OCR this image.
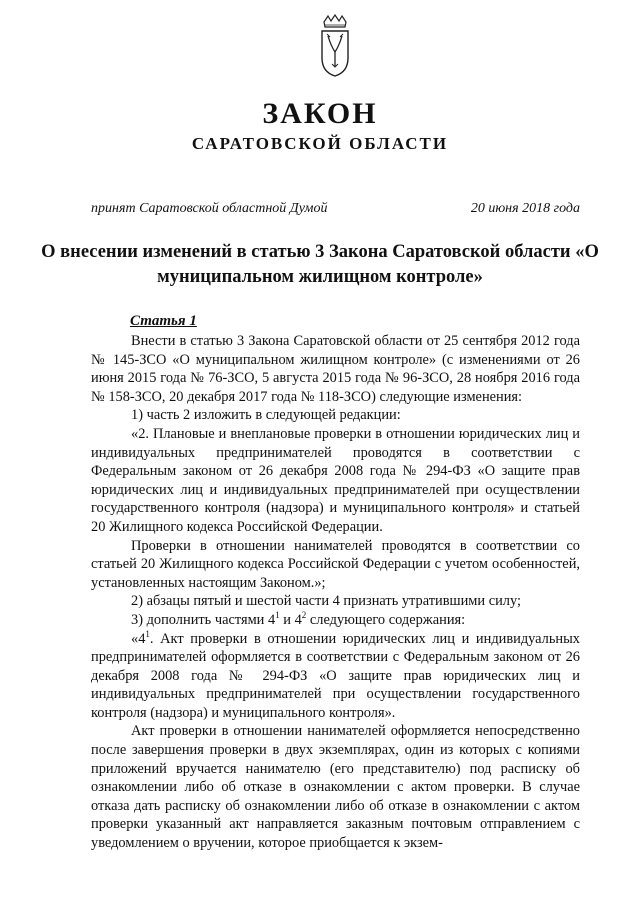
ЗАКОН
САРАТОВСКОЙ ОБЛАСТИ
принят Саратовской областной Думой	20 июня 2018 года
О внесении изменений в статью 3 Закона Саратовской области «О муниципальном жилищном контроле»
Статья 1

Внести в статью 3 Закона Саратовской области от 25 сентября 2012 года № 145-ЗСО «О муниципальном жилищном контроле» (с изменениями от 26 июня 2015 года № 76-ЗСО, 5 августа 2015 года № 96-ЗСО, 28 ноября 2016 года № 158-ЗСО, 20 декабря 2017 года № 118-ЗСО) следующие изменения:

1) часть 2 изложить в следующей редакции:

«2. Плановые и внеплановые проверки в отношении юридических лиц и индивидуальных предпринимателей проводятся в соответствии с Федеральным законом от 26 декабря 2008 года № 294-ФЗ «О защите прав юридических лиц и индивидуальных предпринимателей при осуществлении государственного контроля (надзора) и муниципального контроля» и статьей 20 Жилищного кодекса Российской Федерации.

Проверки в отношении нанимателей проводятся в соответствии со статьей 20 Жилищного кодекса Российской Федерации с учетом особенностей, установленных настоящим Законом.»;

2) абзацы пятый и шестой части 4 признать утратившими силу;

3) дополнить частями $4^1$ и $4^2$ следующего содержания:

«$4^1$. Акт проверки в отношении юридических лиц и индивидуальных предпринимателей оформляется в соответствии с Федеральным законом от 26 декабря 2008 года № 294-ФЗ «О защите прав юридических лиц и индивидуальных предпринимателей при осуществлении государственного контроля (надзора) и муниципального контроля».

Акт проверки в отношении нанимателей оформляется непосредственно после завершения проверки в двух экземплярах, один из которых с копиями приложений вручается нанимателю (его представителю) под расписку об ознакомлении либо об отказе в ознакомлении с актом проверки. В случае отказа дать расписку об ознакомлении либо об отказе в ознакомлении с актом проверки указанный акт направляется заказным почтовым отправлением с уведомлением о вручении, которое приобщается к экзем-
